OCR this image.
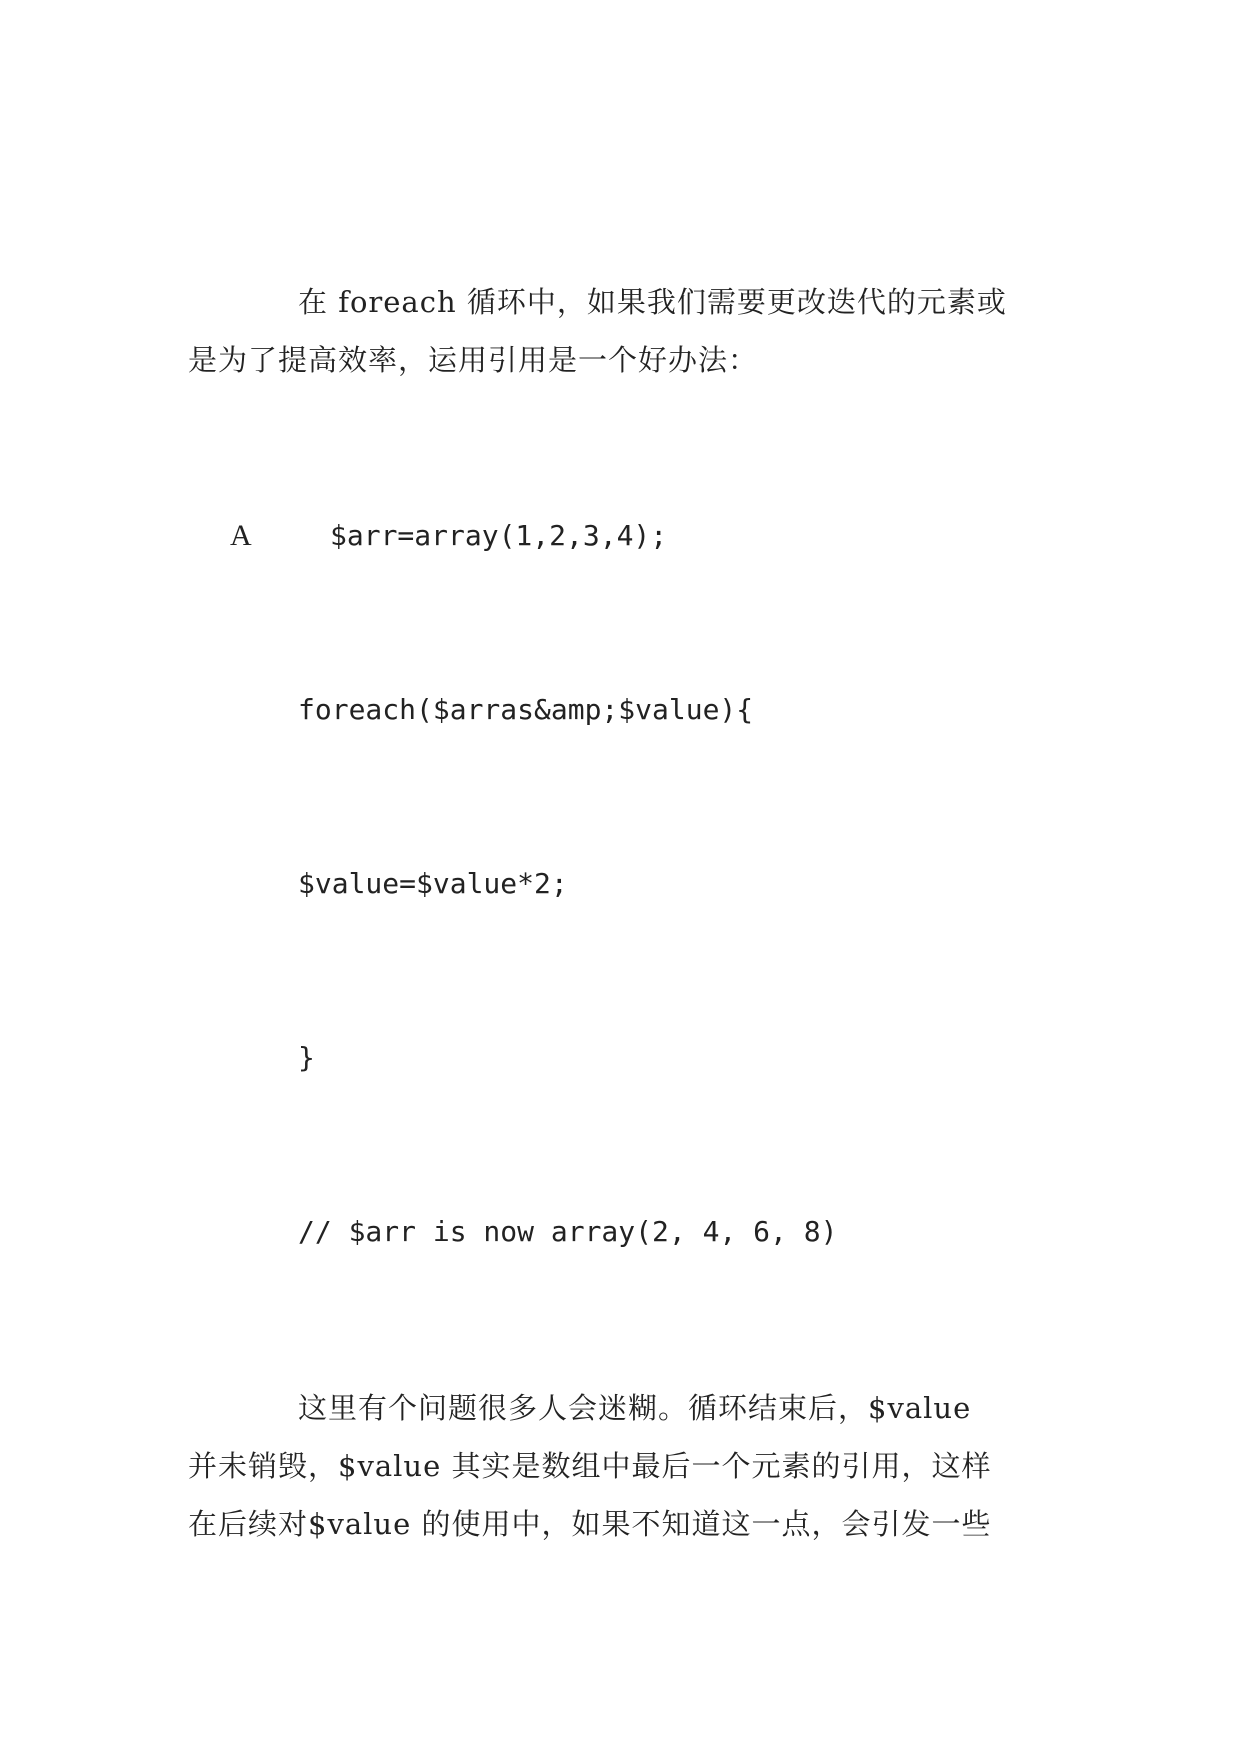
在 foreach 循环中，如果我们需要更改迭代的元素或
是为了提高效率，运用引用是一个好办法：
A	$arr=array(1,2,3,4);
foreach($arras&amp;$value){
$value=$value*2;
}
// $arr is now array(2, 4, 6, 8)
这里有个问题很多人会迷糊。循环结束后，$value
并未销毁，$value 其实是数组中最后一个元素的引用，这样
在后续对$value 的使用中，如果不知道这一点，会引发一些
